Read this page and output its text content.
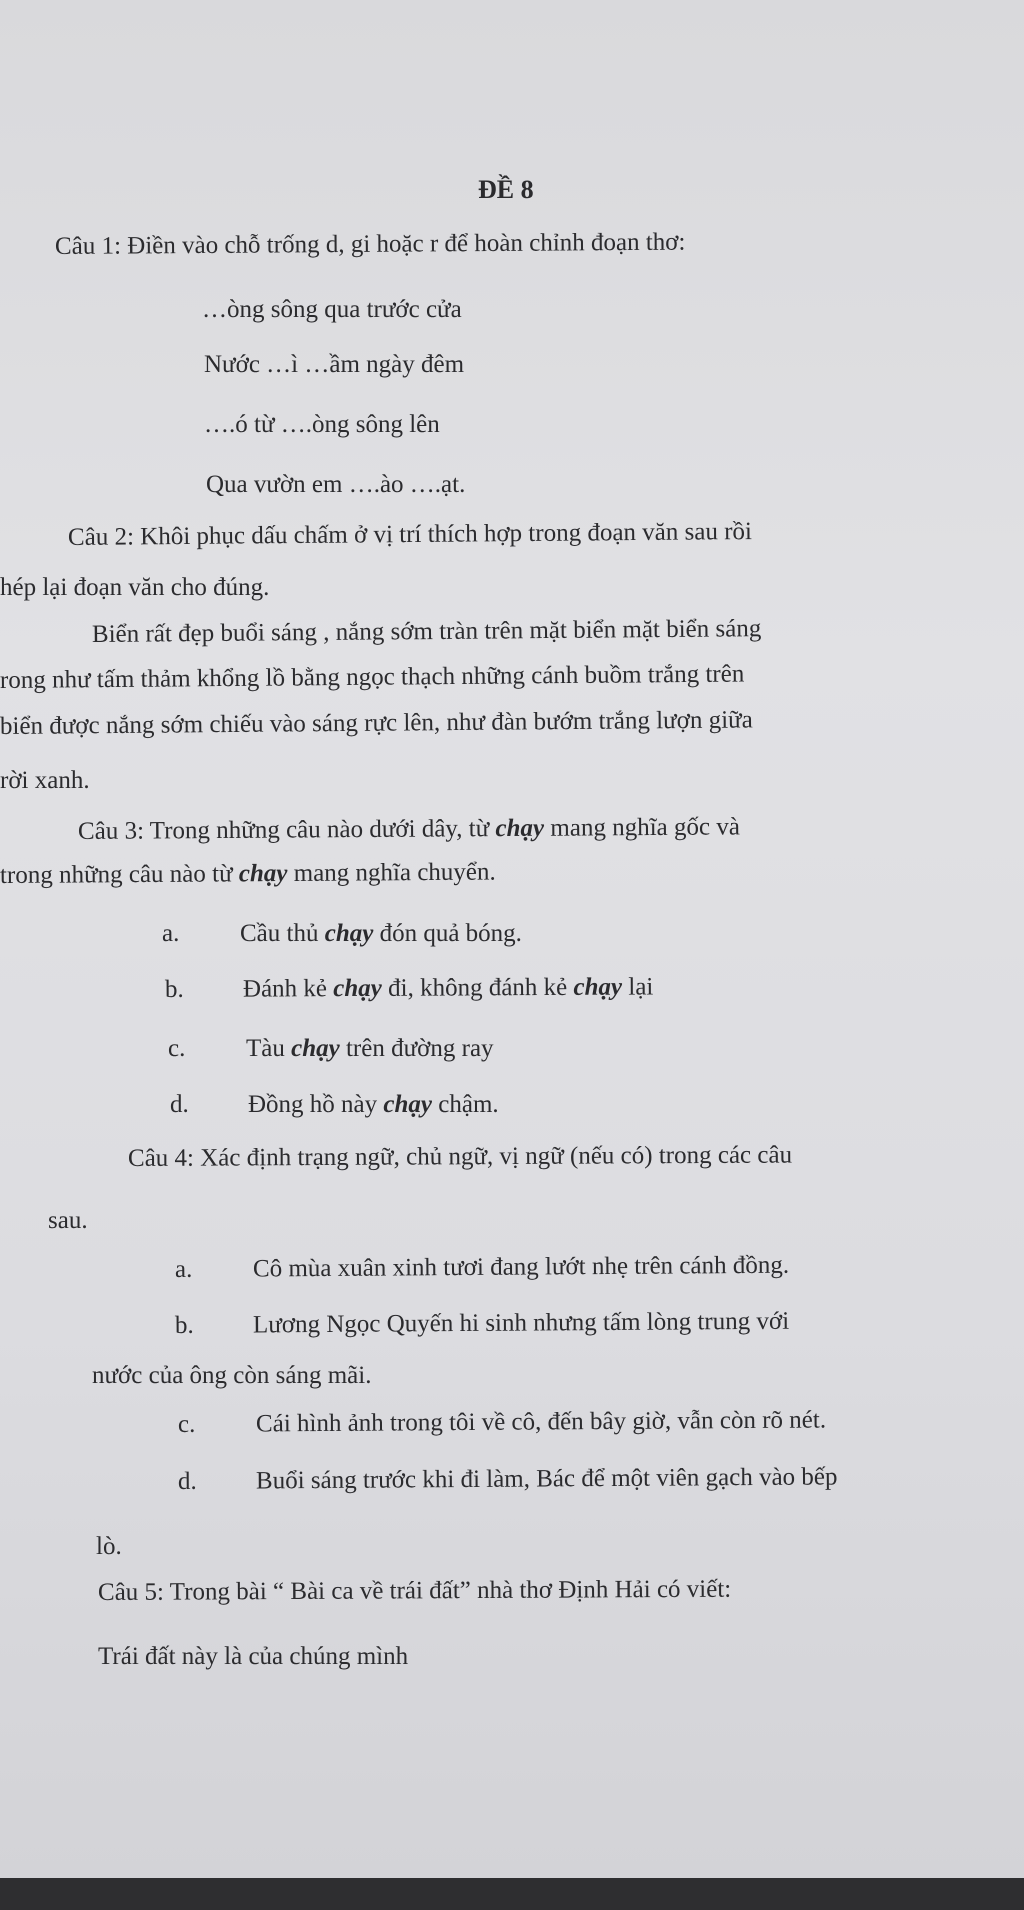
ĐỀ 8
Câu 1: Điền vào chỗ trống d, gi hoặc r để hoàn chỉnh đoạn thơ:
…òng sông qua trước cửa
Nước …ì …ầm ngày đêm
….ó từ ….òng sông lên
Qua vườn em ….ào ….ạt.
Câu 2: Khôi phục dấu chấm ở vị trí thích hợp trong đoạn văn sau rồi
hép lại đoạn văn cho đúng.
Biển rất đẹp buổi sáng , nắng sớm tràn trên mặt biển mặt biển sáng
rong như tấm thảm khổng lồ bằng ngọc thạch những cánh buồm trắng trên
biển được nắng sớm chiếu vào sáng rực lên, như đàn bướm trắng lượn giữa
rời xanh.
Câu 3: Trong những câu nào dưới dây, từ chạy mang nghĩa gốc và
trong những câu nào từ chạy mang nghĩa chuyển.
a. Cầu thủ chạy đón quả bóng.
b. Đánh kẻ chạy đi, không đánh kẻ chạy lại
c. Tàu chạy trên đường ray
d. Đồng hồ này chạy chậm.
Câu 4: Xác định trạng ngữ, chủ ngữ, vị ngữ (nếu có) trong các câu
sau.
a. Cô mùa xuân xinh tươi đang lướt nhẹ trên cánh đồng.
b. Lương Ngọc Quyến hi sinh nhưng tấm lòng trung với
nước của ông còn sáng mãi.
c. Cái hình ảnh trong tôi về cô, đến bây giờ, vẫn còn rõ nét.
d. Buổi sáng trước khi đi làm, Bác để một viên gạch vào bếp
lò.
Câu 5: Trong bài “ Bài ca về trái đất” nhà thơ Định Hải có viết:
Trái đất này là của chúng mình
